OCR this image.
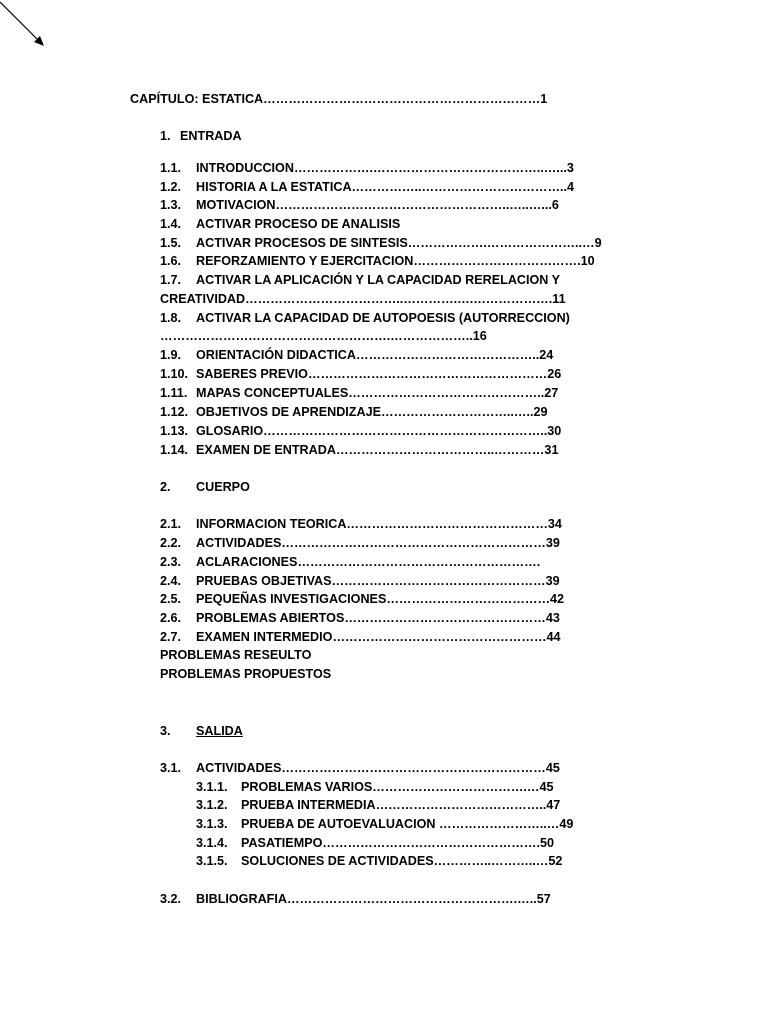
CAPÍTULO: ESTATICA…………………………………………………………1
1. ENTRADA
1.1. INTRODUCCION……………….…………………………………..…...3
1.2. HISTORIA A LA ESTATICA……………..……………………………..4
1.3. MOTIVACION………………………………………………..…..…...6
1.4. ACTIVAR PROCESO DE ANALISIS
1.5. ACTIVAR PROCESOS DE SINTESIS……………….…………………..…9
1.6. REFORZAMIENTO Y EJERCITACION………………………………….10
1.7. ACTIVAR LA APLICACIÓN Y LA CAPACIDAD RERELACION Y
CREATIVIDAD………………………………..………….….……………….11
1.8. ACTIVAR LA CAPACIDAD DE AUTOPOESIS (AUTORRECCION)
……………………………………………….………………..16
1.9. ORIENTACIÓN DIDACTICA……………………………………..24
1.10. SABERES PREVIO…………………………………………………26
1.11. MAPAS CONCEPTUALES………………………………………..27
1.12. OBJETIVOS DE APRENDIZAJE…………………………..…..29
1.13. GLOSARIO…………………………………………………………..30
1.14. EXAMEN DE ENTRADA………………………………..…………31
2. CUERPO
2.1. INFORMACION TEORICA…………………………………………34
2.2. ACTIVIDADES………………………………………………………39
2.3. ACLARACIONES………………………………………………….
2.4. PRUEBAS OBJETIVAS……………………………………………39
2.5. PEQUEÑAS INVESTIGACIONES…………………………………42
2.6. PROBLEMAS ABIERTOS…………………………………………43
2.7. EXAMEN INTERMEDIO……………………………………………44
PROBLEMAS RESEULTO
PROBLEMAS PROPUESTOS
3. SALIDA
3.1. ACTIVIDADES………………………………………………………45
3.1.1. PROBLEMAS VARIOS……………………………….…45
3.1.2. PRUEBA INTERMEDIA…………………………………..47
3.1.3. PRUEBA DE AUTOEVALUACION ……………………..…49
3.1.4. PASATIEMPO…………………………………………….50
3.1.5. SOLUCIONES DE ACTIVIDADES…………..………..…52
3.2. BIBLIOGRAFIA……………………………………………….…..57
